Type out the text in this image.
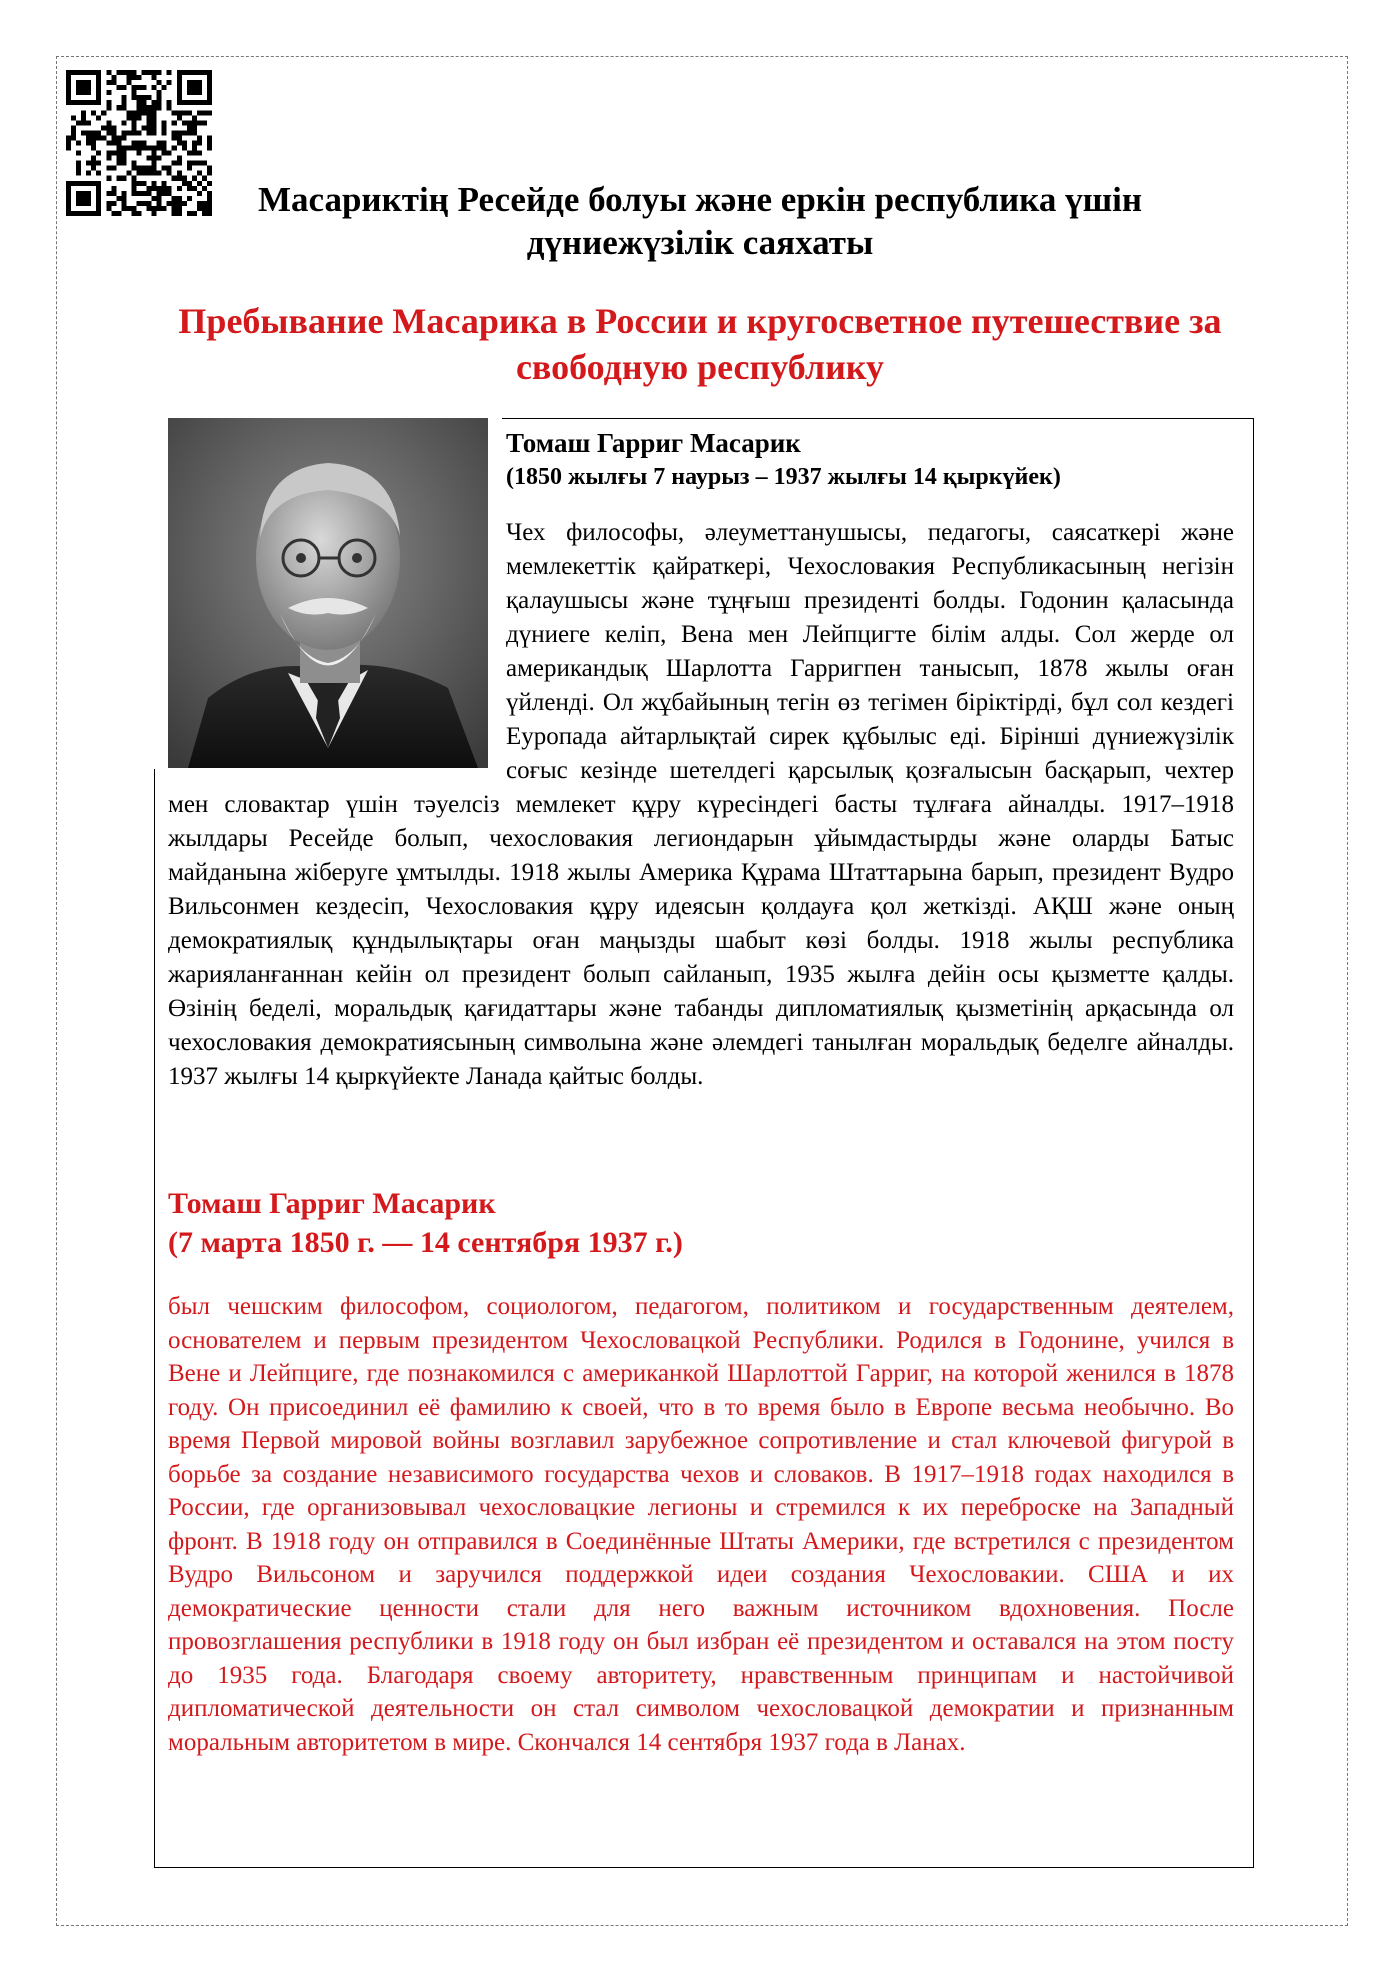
Масариктің Ресейде болуы және еркін республика үшін дүниежүзілік саяхаты
Пребывание Масарика в России и кругосветное путешествие за свободную республику
Томаш Гарриг Масарик
(1850 жылғы 7 наурыз – 1937 жылғы 14 қыркүйек)

Чех философы, әлеуметтанушысы, педагогы, саясаткері және мемлекеттік қайраткері, Чехословакия Республикасының негізін қалаушысы және тұңғыш президенті болды. Годонин қаласында дүниеге келіп, Вена мен Лейпцигте білім алды. Сол жерде ол американдық Шарлотта Гарригпен танысып, 1878 жылы оған үйленді. Ол жұбайының тегін өз тегімен біріктірді, бұл сол кездегі Еуропада айтарлықтай сирек құбылыс еді. Бірінші дүниежүзілік соғыс кезінде шетелдегі қарсылық қозғалысын басқарып, чехтер мен словактар үшін тәуелсіз мемлекет құру күресіндегі басты тұлғаға айналды. 1917–1918 жылдары Ресейде болып, чехословакия легиондарын ұйымдастырды және оларды Батыс майданына жіберуге ұмтылды. 1918 жылы Америка Құрама Штаттарына барып, президент Вудро Вильсонмен кездесіп, Чехословакия құру идеясын қолдауға қол жеткізді. АҚШ және оның демократиялық құндылықтары оған маңызды шабыт көзі болды. 1918 жылы республика жарияланғаннан кейін ол президент болып сайланып, 1935 жылға дейін осы қызметте қалды. Өзінің беделі, моральдық қағидаттары және табанды дипломатиялық қызметінің арқасында ол чехословакия демократиясының символына және әлемдегі танылған моральдық беделге айналды. 1937 жылғы 14 қыркүйекте Ланада қайтыс болды.

Томаш Гарриг Масарик
(7 марта 1850 г. — 14 сентября 1937 г.)

был чешским философом, социологом, педагогом, политиком и государственным деятелем, основателем и первым президентом Чехословацкой Республики. Родился в Годонине, учился в Вене и Лейпциге, где познакомился с американкой Шарлоттой Гарриг, на которой женился в 1878 году. Он присоединил её фамилию к своей, что в то время было в Европе весьма необычно. Во время Первой мировой войны возглавил зарубежное сопротивление и стал ключевой фигурой в борьбе за создание независимого государства чехов и словаков. В 1917–1918 годах находился в России, где организовывал чехословацкие легионы и стремился к их переброске на Западный фронт. В 1918 году он отправился в Соединённые Штаты Америки, где встретился с президентом Вудро Вильсоном и заручился поддержкой идеи создания Чехословакии. США и их демократические ценности стали для него важным источником вдохновения. После провозглашения республики в 1918 году он был избран её президентом и оставался на этом посту до 1935 года. Благодаря своему авторитету, нравственным принципам и настойчивой дипломатической деятельности он стал символом чехословацкой демократии и признанным моральным авторитетом в мире. Скончался 14 сентября 1937 года в Ланах.
